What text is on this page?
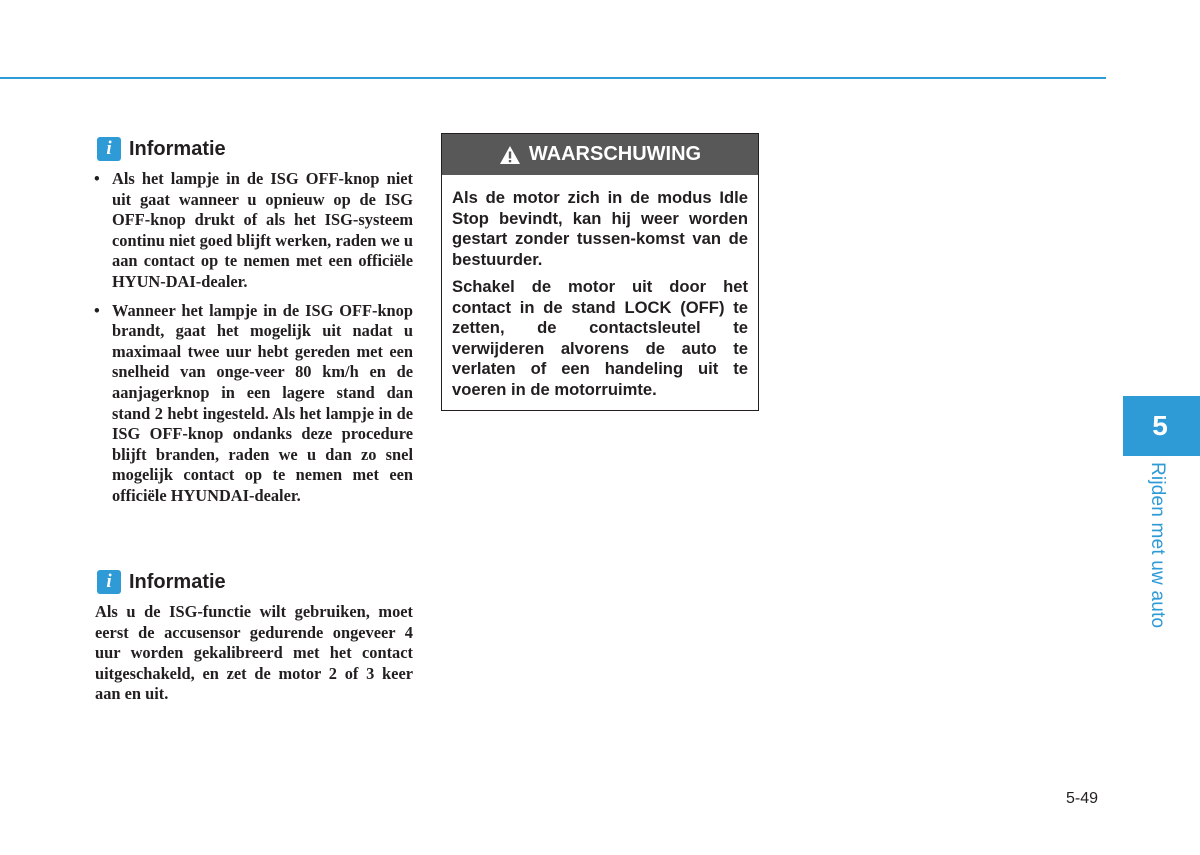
i Informatie
• Als het lampje in de ISG OFF-knop niet uit gaat wanneer u opnieuw op de ISG OFF-knop drukt of als het ISG-systeem continu niet goed blijft werken, raden we u aan contact op te nemen met een officiële HYUN-DAI-dealer.
• Wanneer het lampje in de ISG OFF-knop brandt, gaat het mogelijk uit nadat u maximaal twee uur hebt gereden met een snelheid van onge-veer 80 km/h en de aanjagerknop in een lagere stand dan stand 2 hebt ingesteld. Als het lampje in de ISG OFF-knop ondanks deze procedure blijft branden, raden we u dan zo snel mogelijk contact op te nemen met een officiële HYUNDAI-dealer.
i Informatie

Als u de ISG-functie wilt gebruiken, moet eerst de accusensor gedurende ongeveer 4 uur worden gekalibreerd met het contact uitgeschakeld, en zet de motor 2 of 3 keer aan en uit.

WAARSCHUWING

Als de motor zich in de modus Idle Stop bevindt, kan hij weer worden gestart zonder tussen-komst van de bestuurder.

Schakel de motor uit door het contact in de stand LOCK (OFF) te zetten, de contactsleutel te verwijderen alvorens de auto te verlaten of een handeling uit te voeren in de motorruimte.

5
Rijden met uw auto
5-49
